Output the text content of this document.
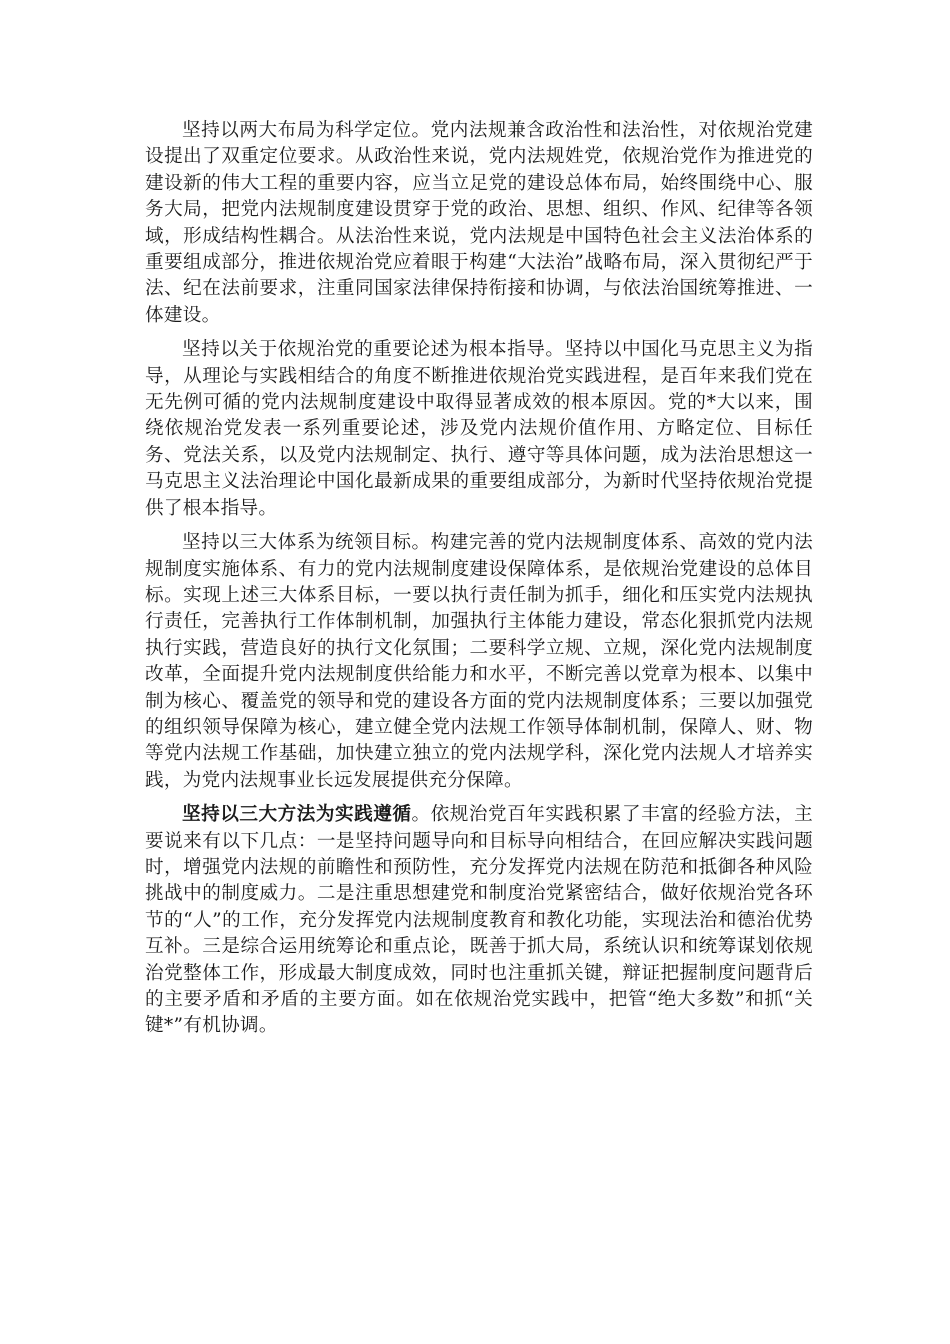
坚持以两大布局为科学定位。党内法规兼含政治性和法治性，对依规治党建设提出了双重定位要求。从政治性来说，党内法规姓党，依规治党作为推进党的建设新的伟大工程的重要内容，应当立足党的建设总体布局，始终围绕中心、服务大局，把党内法规制度建设贯穿于党的政治、思想、组织、作风、纪律等各领域，形成结构性耦合。从法治性来说，党内法规是中国特色社会主义法治体系的重要组成部分，推进依规治党应着眼于构建“大法治”战略布局，深入贯彻纪严于法、纪在法前要求，注重同国家法律保持衔接和协调，与依法治国统筹推进、一体建设。

坚持以关于依规治党的重要论述为根本指导。坚持以中国化马克思主义为指导，从理论与实践相结合的角度不断推进依规治党实践进程，是百年来我们党在无先例可循的党内法规制度建设中取得显著成效的根本原因。党的*大以来，围绕依规治党发表一系列重要论述，涉及党内法规价值作用、方略定位、目标任务、党法关系，以及党内法规制定、执行、遵守等具体问题，成为法治思想这一马克思主义法治理论中国化最新成果的重要组成部分，为新时代坚持依规治党提供了根本指导。

坚持以三大体系为统领目标。构建完善的党内法规制度体系、高效的党内法规制度实施体系、有力的党内法规制度建设保障体系，是依规治党建设的总体目标。实现上述三大体系目标，一要以执行责任制为抓手，细化和压实党内法规执行责任，完善执行工作体制机制，加强执行主体能力建设，常态化狠抓党内法规执行实践，营造良好的执行文化氛围；二要科学立规、立规，深化党内法规制度改革，全面提升党内法规制度供给能力和水平，不断完善以党章为根本、以集中制为核心、覆盖党的领导和党的建设各方面的党内法规制度体系；三要以加强党的组织领导保障为核心，建立健全党内法规工作领导体制机制，保障人、财、物等党内法规工作基础，加快建立独立的党内法规学科，深化党内法规人才培养实践，为党内法规事业长远发展提供充分保障。

坚持以三大方法为实践遵循。依规治党百年实践积累了丰富的经验方法，主要说来有以下几点：一是坚持问题导向和目标导向相结合，在回应解决实践问题时，增强党内法规的前瞻性和预防性，充分发挥党内法规在防范和抵御各种风险挑战中的制度威力。二是注重思想建党和制度治党紧密结合，做好依规治党各环节的“人”的工作，充分发挥党内法规制度教育和教化功能，实现法治和德治优势互补。三是综合运用统筹论和重点论，既善于抓大局，系统认识和统筹谋划依规治党整体工作，形成最大制度成效，同时也注重抓关键，辩证把握制度问题背后的主要矛盾和矛盾的主要方面。如在依规治党实践中，把管“绝大多数”和抓“关键*”有机协调。
